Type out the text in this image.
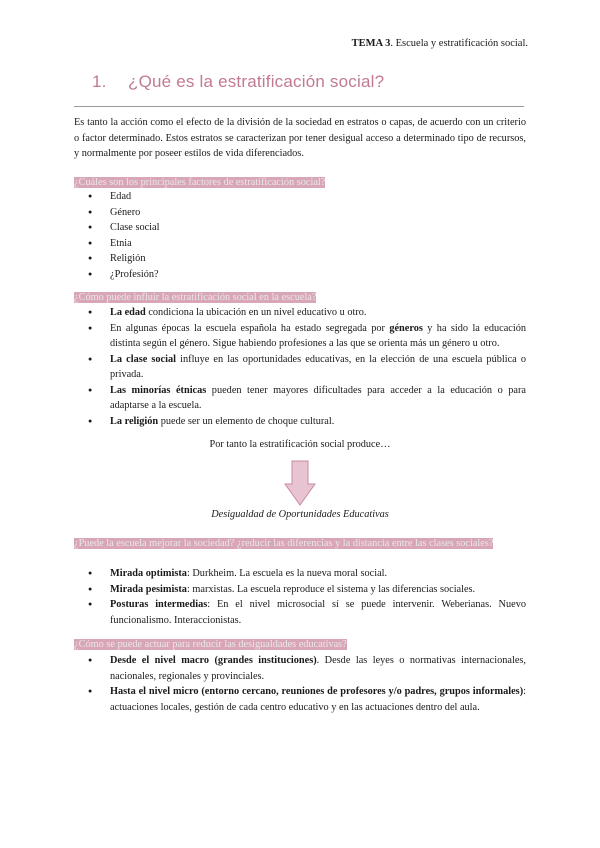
TEMA 3. Escuela y estratificación social.
1. ¿Qué es la estratificación social?
Es tanto la acción como el efecto de la división de la sociedad en estratos o capas, de acuerdo con un criterio o factor determinado. Estos estratos se caracterizan por tener desigual acceso a determinado tipo de recursos, y normalmente por poseer estilos de vida diferenciados.
¿Cuáles son los principales factores de estratificación social?
● Edad
● Género
● Clase social
● Etnia
● Religión
● ¿Profesión?
¿Cómo puede influir la estratificación social en la escuela?
● La edad condiciona la ubicación en un nivel educativo u otro.
● En algunas épocas la escuela española ha estado segregada por géneros y ha sido la educación distinta según el género. Sigue habiendo profesiones a las que se orienta más un género u otro.
● La clase social influye en las oportunidades educativas, en la elección de una escuela pública o privada.
● Las minorías étnicas pueden tener mayores dificultades para acceder a la educación o para adaptarse a la escuela.
● La religión puede ser un elemento de choque cultural.
Por tanto la estratificación social produce…
Desigualdad de Oportunidades Educativas
¿Puede la escuela mejorar la sociedad? ¿reducir las diferencias y la distancia entre las clases sociales?
● Mirada optimista: Durkheim. La escuela es la nueva moral social.
● Mirada pesimista: marxistas. La escuela reproduce el sistema y las diferencias sociales.
● Posturas intermedias: En el nivel microsocial sí se puede intervenir. Weberianas. Nuevo funcionalismo. Interaccionistas.
¿Cómo se puede actuar para reducir las desigualdades educativas?
● Desde el nivel macro (grandes instituciones). Desde las leyes o normativas internacionales, nacionales, regionales y provinciales.
● Hasta el nivel micro (entorno cercano, reuniones de profesores y/o padres, grupos informales): actuaciones locales, gestión de cada centro educativo y en las actuaciones dentro del aula.
